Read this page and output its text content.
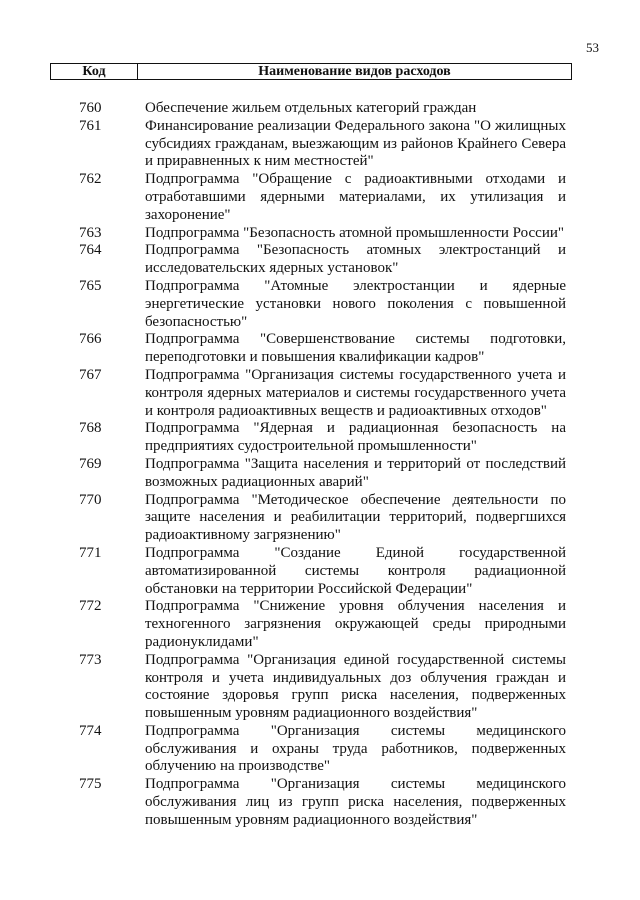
53
Код	Наименование видов расходов
760	Обеспечение жильем отдельных категорий граждан
761	Финансирование реализации Федерального закона "О жилищных субсидиях гражданам, выезжающим из районов Крайнего Севера и приравненных к ним местностей"
762	Подпрограмма "Обращение с радиоактивными отходами и отработавшими ядерными материалами, их утилизация и захоронение"
763	Подпрограмма "Безопасность атомной промышленности России"
764	Подпрограмма "Безопасность атомных электростанций и исследовательских ядерных установок"
765	Подпрограмма "Атомные электростанции и ядерные энергетические установки нового поколения с повышенной безопасностью"
766	Подпрограмма "Совершенствование системы подготовки, переподготовки и повышения квалификации кадров"
767	Подпрограмма "Организация системы государственного учета и контроля ядерных материалов и системы государственного учета и контроля радиоактивных веществ и радиоактивных отходов"
768	Подпрограмма "Ядерная и радиационная безопасность на предприятиях судостроительной промышленности"
769	Подпрограмма "Защита населения и территорий от последствий возможных радиационных аварий"
770	Подпрограмма "Методическое обеспечение деятельности по защите населения и реабилитации территорий, подвергшихся радиоактивному загрязнению"
771	Подпрограмма "Создание Единой государственной автоматизированной системы контроля радиационной обстановки на территории Российской Федерации"
772	Подпрограмма "Снижение уровня облучения населения и техногенного загрязнения окружающей среды природными радионуклидами"
773	Подпрограмма "Организация единой государственной системы контроля и учета индивидуальных доз облучения граждан и состояние здоровья групп риска населения, подверженных повышенным уровням радиационного воздействия"
774	Подпрограмма "Организация системы медицинского обслуживания и охраны труда работников, подверженных облучению на производстве"
775	Подпрограмма "Организация системы медицинского обслуживания лиц из групп риска населения, подверженных повышенным уровням радиационного воздействия"
